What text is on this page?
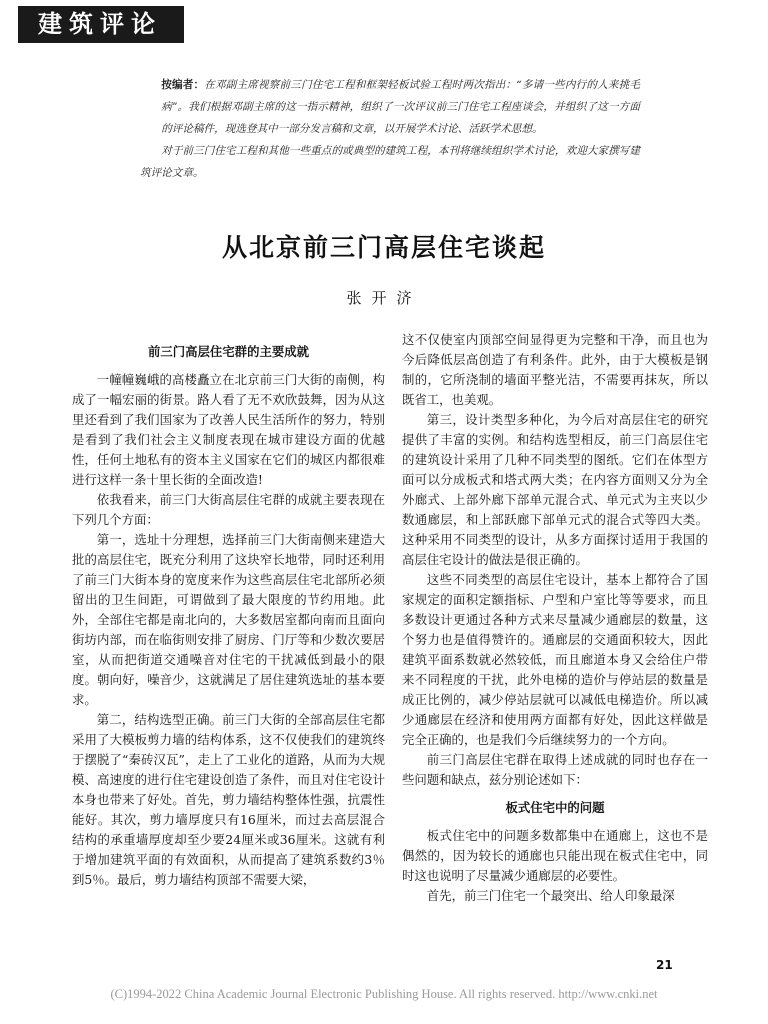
建筑评论

按编者：在邓副主席视察前三门住宅工程和框架轻板试验工程时两次指出：“多请一些内行的人来挑毛病”。我们根据邓副主席的这一指示精神，组织了一次评议前三门住宅工程座谈会，并组织了这一方面的评论稿件，现选登其中一部分发言稿和文章，以开展学术讨论、活跃学术思想。

对于前三门住宅工程和其他一些重点的或典型的建筑工程，本刊将继续组织学术讨论，欢迎大家撰写建筑评论文章。

从北京前三门高层住宅谈起
张开济
前三门高层住宅群的主要成就

一幢幢巍峨的高楼矗立在北京前三门大街的南侧，构成了一幅宏丽的街景。路人看了无不欢欣鼓舞，因为从这里还看到了我们国家为了改善人民生活所作的努力，特别是看到了我们社会主义制度表现在城市建设方面的优越性，任何土地私有的资本主义国家在它们的城区内都很难进行这样一条十里长街的全面改造!

依我看来，前三门大街高层住宅群的成就主要表现在下列几个方面：

第一，选址十分理想，选择前三门大街南侧来建造大批的高层住宅，既充分利用了这块窄长地带，同时还利用了前三门大街本身的宽度来作为这些高层住宅北部所必须留出的卫生间距，可谓做到了最大限度的节约用地。此外，全部住宅都是南北向的，大多数居室都向南而且面向街坊内部，而在临街则安排了厨房、门厅等和少数次要居室，从而把街道交通噪音对住宅的干扰减低到最小的限度。朝向好，噪音少，这就满足了居住建筑选址的基本要求。

第二，结构选型正确。前三门大街的全部高层住宅都采用了大模板剪力墙的结构体系，这不仅使我们的建筑终于摆脱了“秦砖汉瓦”，走上了工业化的道路，从而为大规模、高速度的进行住宅建设创造了条件，而且对住宅设计本身也带来了好处。首先，剪力墙结构整体性强，抗震性能好。其次，剪力墙厚度只有16厘米，而过去高层混合结构的承重墙厚度却至少要24厘米或36厘米。这就有利于增加建筑平面的有效面积，从而提高了建筑系数约3％到5％。最后，剪力墙结构顶部不需要大梁，

这不仅使室内顶部空间显得更为完整和干净，而且也为今后降低层高创造了有利条件。此外，由于大模板是钢制的，它所浇制的墙面平整光洁，不需要再抹灰，所以既省工，也美观。

第三，设计类型多种化，为今后对高层住宅的研究提供了丰富的实例。和结构选型相反，前三门高层住宅的建筑设计采用了几种不同类型的图纸。它们在体型方面可以分成板式和塔式两大类；在内容方面则又分为全外廊式、上部外廊下部单元混合式、单元式为主夹以少数通廊层，和上部跃廊下部单元式的混合式等四大类。这种采用不同类型的设计，从多方面探讨适用于我国的高层住宅设计的做法是很正确的。

这些不同类型的高层住宅设计，基本上都符合了国家规定的面积定额指标、户型和户室比等等要求，而且多数设计更通过各种方式来尽量减少通廊层的数量，这个努力也是值得赞许的。通廊层的交通面积较大，因此建筑平面系数就必然较低，而且廊道本身又会给住户带来不同程度的干扰，此外电梯的造价与停站层的数量是成正比例的，减少停站层就可以减低电梯造价。所以减少通廊层在经济和使用两方面都有好处，因此这样做是完全正确的，也是我们今后继续努力的一个方向。

前三门高层住宅群在取得上述成就的同时也存在一些问题和缺点，兹分别论述如下：

板式住宅中的问题

板式住宅中的问题多数都集中在通廊上，这也不是偶然的，因为较长的通廊也只能出现在板式住宅中，同时这也说明了尽量减少通廊层的必要性。

首先，前三门住宅一个最突出、给人印象最深

21
(C)1994-2022 China Academic Journal Electronic Publishing House. All rights reserved. http://www.cnki.net
